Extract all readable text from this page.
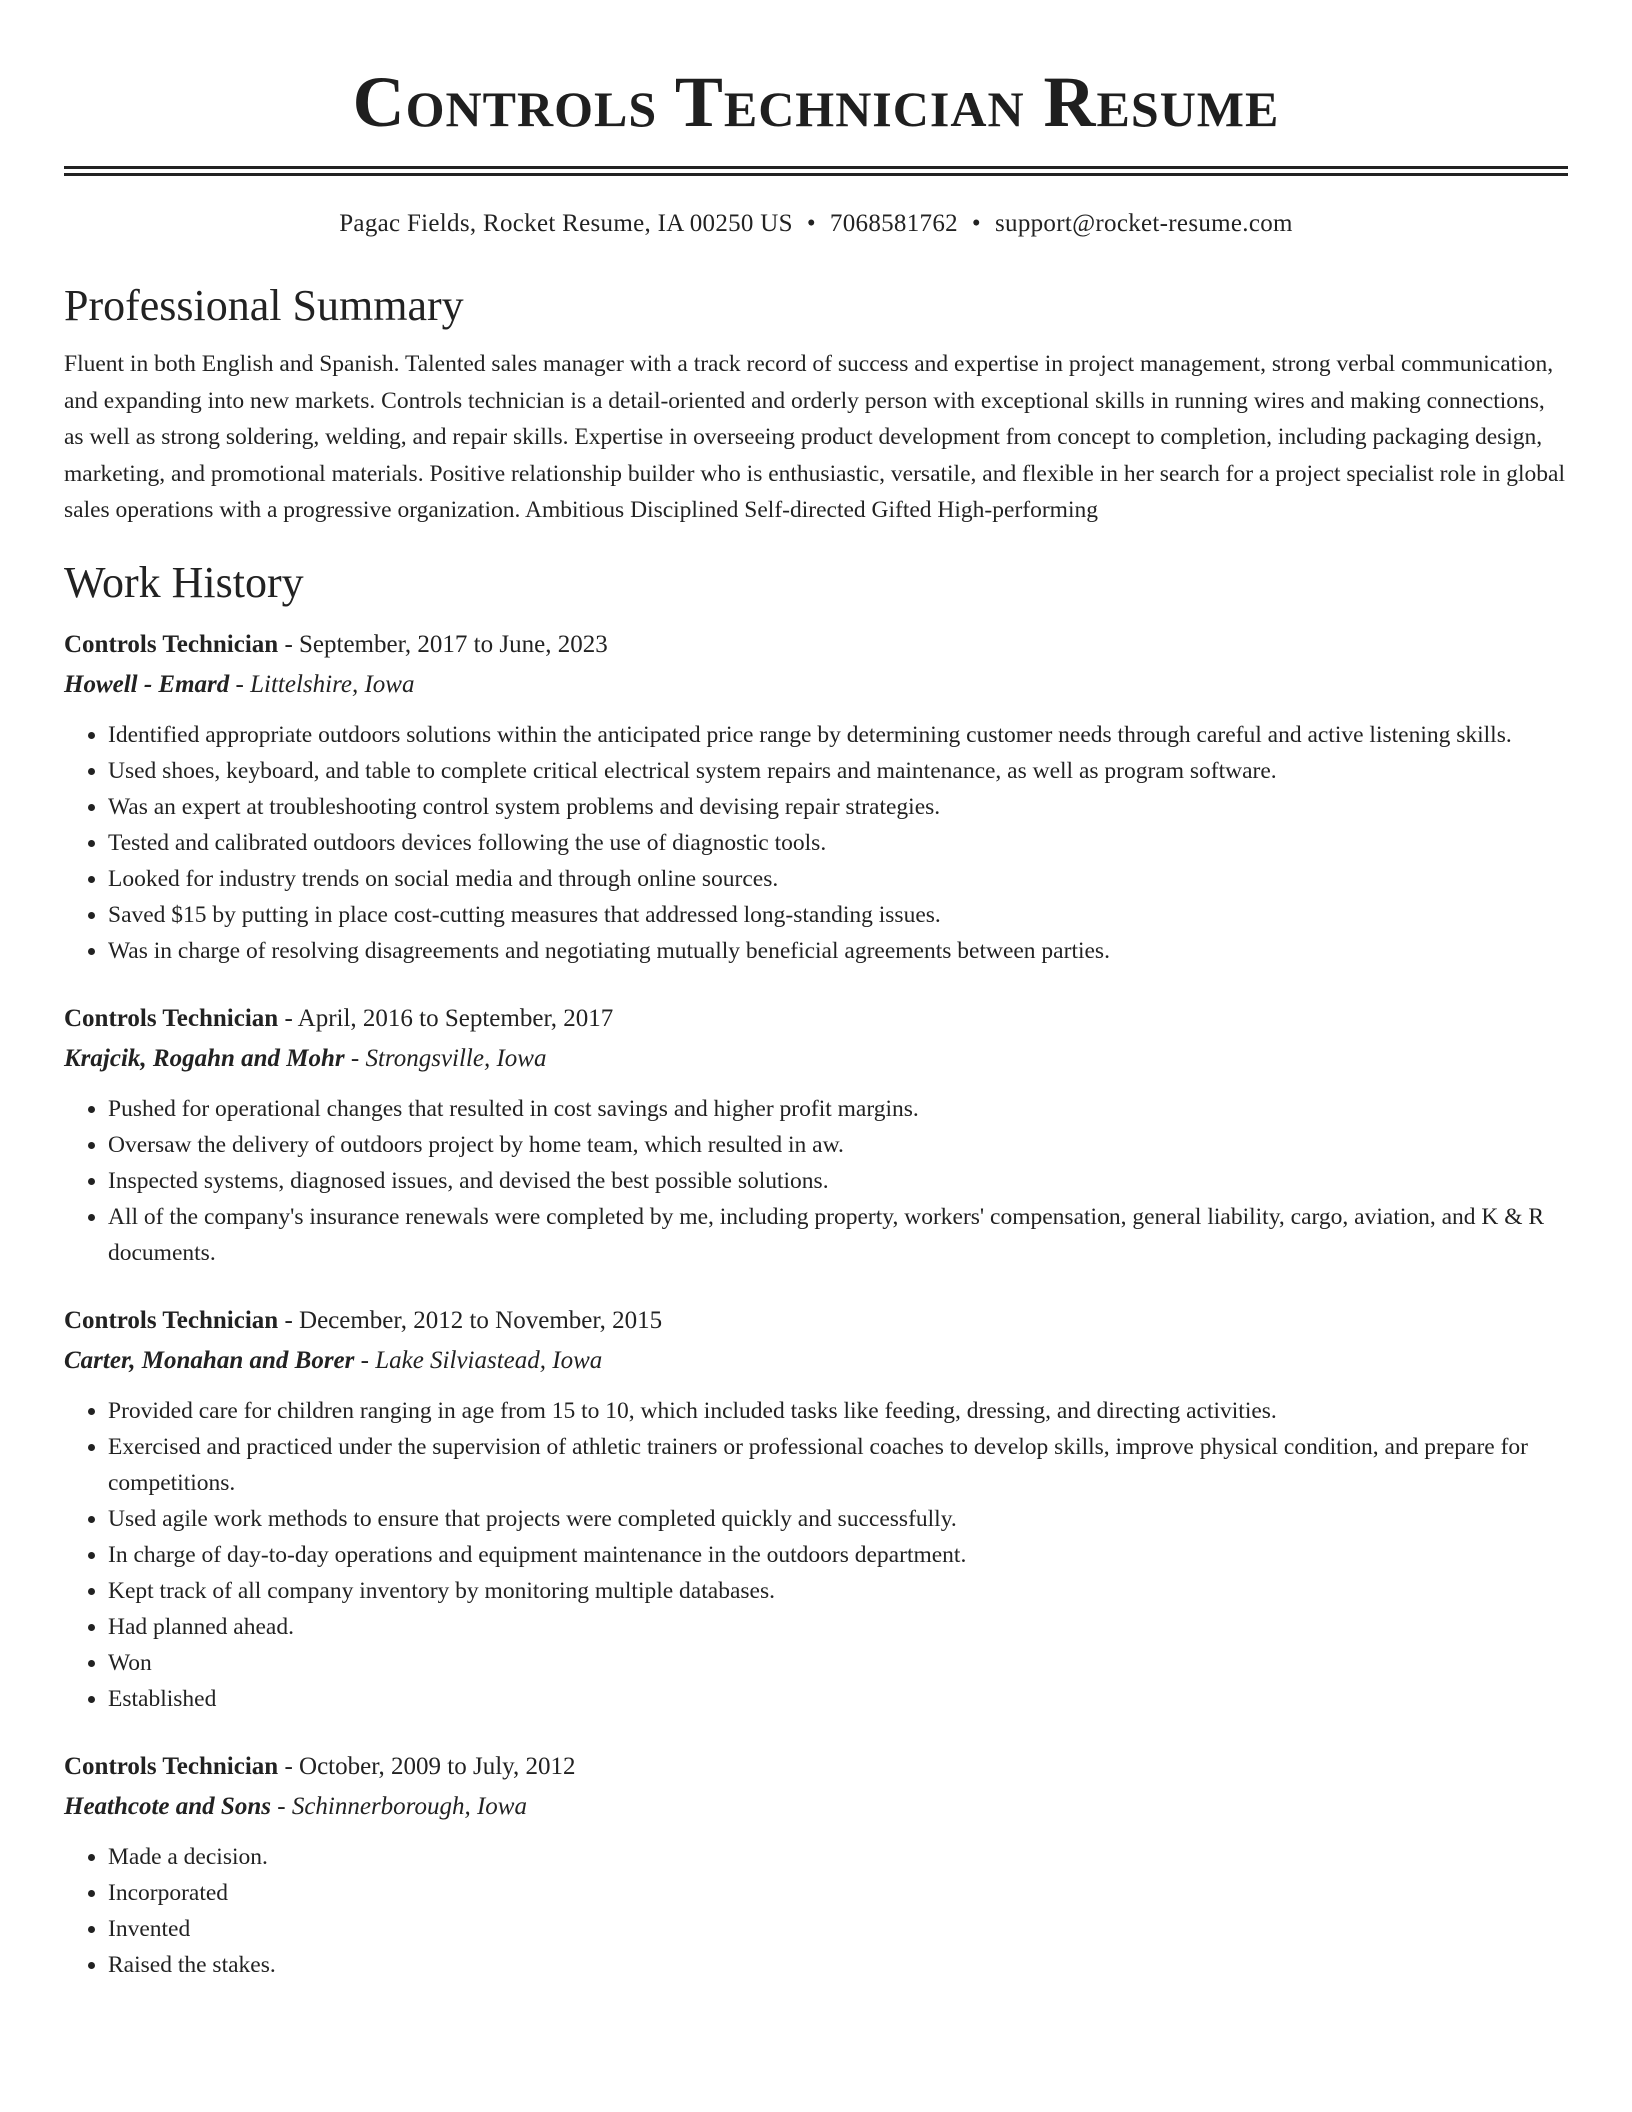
Controls Technician Resume
Pagac Fields, Rocket Resume, IA 00250 US • 7068581762 • support@rocket-resume.com
Professional Summary

Fluent in both English and Spanish. Talented sales manager with a track record of success and expertise in project management, strong verbal communication, and expanding into new markets. Controls technician is a detail-oriented and orderly person with exceptional skills in running wires and making connections, as well as strong soldering, welding, and repair skills. Expertise in overseeing product development from concept to completion, including packaging design, marketing, and promotional materials. Positive relationship builder who is enthusiastic, versatile, and flexible in her search for a project specialist role in global sales operations with a progressive organization. Ambitious Disciplined Self-directed Gifted High-performing

Work History
Controls Technician - September, 2017 to June, 2023
Howell - Emard - Littelshire, Iowa
• Identified appropriate outdoors solutions within the anticipated price range by determining customer needs through careful and active listening skills.
• Used shoes, keyboard, and table to complete critical electrical system repairs and maintenance, as well as program software.
• Was an expert at troubleshooting control system problems and devising repair strategies.
• Tested and calibrated outdoors devices following the use of diagnostic tools.
• Looked for industry trends on social media and through online sources.
• Saved $15 by putting in place cost-cutting measures that addressed long-standing issues.
• Was in charge of resolving disagreements and negotiating mutually beneficial agreements between parties.
Controls Technician - April, 2016 to September, 2017
Krajcik, Rogahn and Mohr - Strongsville, Iowa
• Pushed for operational changes that resulted in cost savings and higher profit margins.
• Oversaw the delivery of outdoors project by home team, which resulted in aw.
• Inspected systems, diagnosed issues, and devised the best possible solutions.
• All of the company's insurance renewals were completed by me, including property, workers' compensation, general liability, cargo, aviation, and K & R documents.
Controls Technician - December, 2012 to November, 2015
Carter, Monahan and Borer - Lake Silviastead, Iowa
• Provided care for children ranging in age from 15 to 10, which included tasks like feeding, dressing, and directing activities.
• Exercised and practiced under the supervision of athletic trainers or professional coaches to develop skills, improve physical condition, and prepare for competitions.
• Used agile work methods to ensure that projects were completed quickly and successfully.
• In charge of day-to-day operations and equipment maintenance in the outdoors department.
• Kept track of all company inventory by monitoring multiple databases.
• Had planned ahead.
• Won
• Established
Controls Technician - October, 2009 to July, 2012
Heathcote and Sons - Schinnerborough, Iowa
• Made a decision.
• Incorporated
• Invented
• Raised the stakes.
